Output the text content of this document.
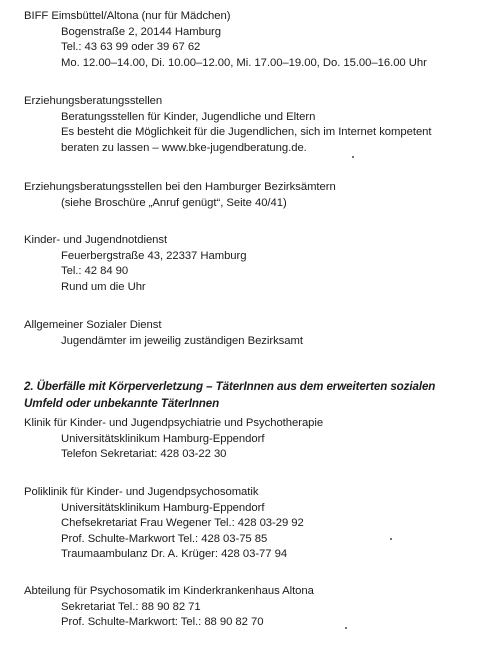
BIFF Eimsbüttel/Altona (nur für Mädchen)
Bogenstraße 2, 20144 Hamburg
Tel.: 43 63 99 oder 39 67 62
Mo. 12.00–14.00, Di. 10.00–12.00, Mi. 17.00–19.00, Do. 15.00–16.00 Uhr
Erziehungsberatungsstellen
Beratungsstellen für Kinder, Jugendliche und Eltern
Es besteht die Möglichkeit für die Jugendlichen, sich im Internet kompetent
beraten zu lassen – www.bke-jugendberatung.de.
Erziehungsberatungsstellen bei den Hamburger Bezirksämtern
(siehe Broschüre „Anruf genügt“, Seite 40/41)
Kinder- und Jugendnotdienst
Feuerbergstraße 43, 22337 Hamburg
Tel.: 42 84 90
Rund um die Uhr
Allgemeiner Sozialer Dienst
Jugendämter im jeweilig zuständigen Bezirksamt
2. Überfälle mit Körperverletzung – TäterInnen aus dem erweiterten sozialen
Umfeld oder unbekannte TäterInnen
Klinik für Kinder- und Jugendpsychiatrie und Psychotherapie
Universitätsklinikum Hamburg-Eppendorf
Telefon Sekretariat: 428 03-22 30
Poliklinik für Kinder- und Jugendpsychosomatik
Universitätsklinikum Hamburg-Eppendorf
Chefsekretariat Frau Wegener Tel.: 428 03-29 92
Prof. Schulte-Markwort Tel.: 428 03-75 85
Traumaambulanz Dr. A. Krüger: 428 03-77 94
Abteilung für Psychosomatik im Kinderkrankenhaus Altona
Sekretariat Tel.: 88 90 82 71
Prof. Schulte-Markwort: Tel.: 88 90 82 70
